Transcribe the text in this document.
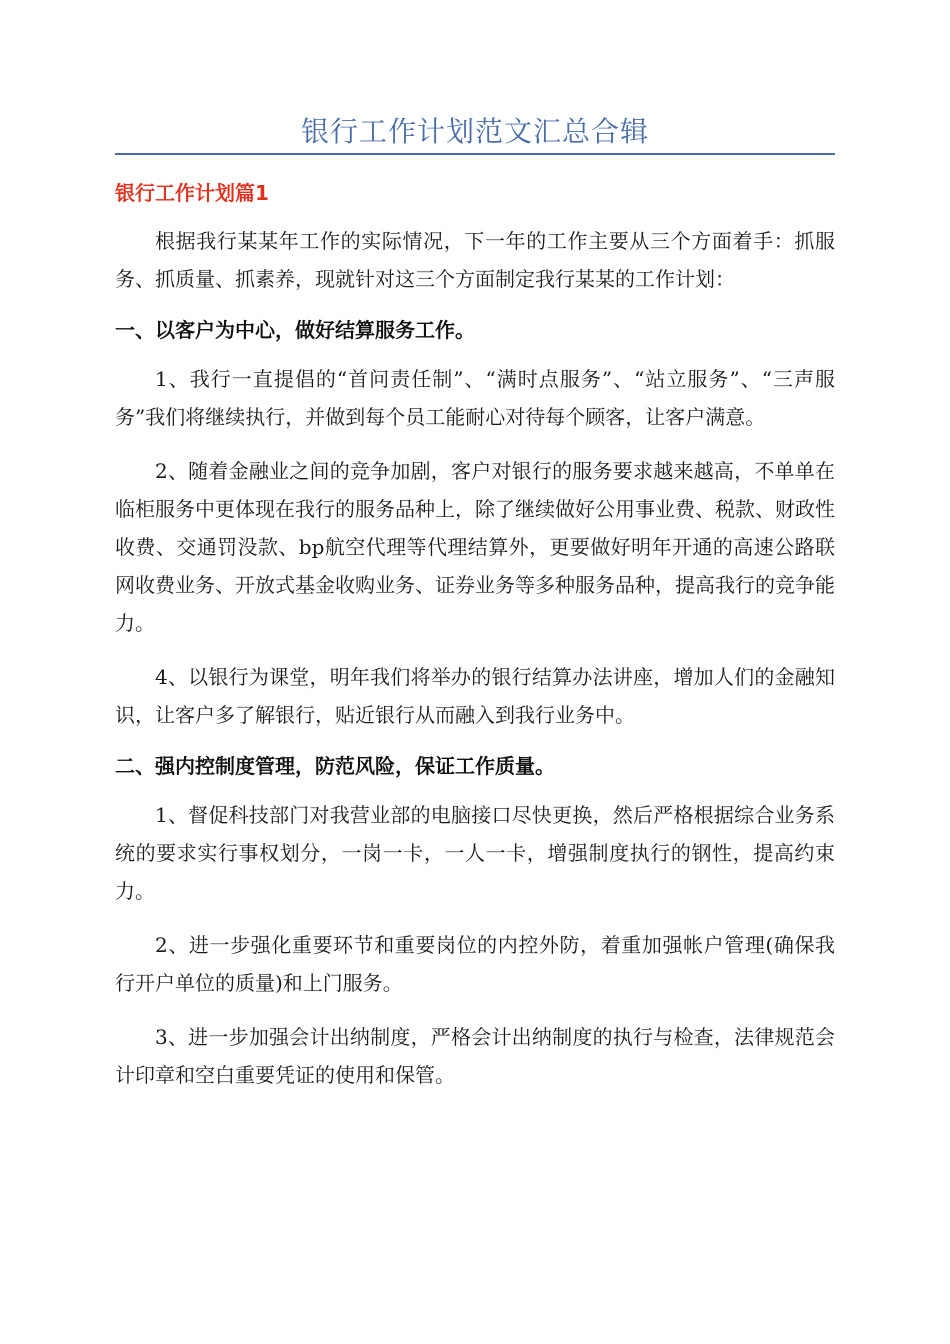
银行工作计划范文汇总合辑
银行工作计划篇1

根据我行某某年工作的实际情况，下一年的工作主要从三个方面着手：抓服务、抓质量、抓素养，现就针对这三个方面制定我行某某的工作计划：

一、以客户为中心，做好结算服务工作。

1、我行一直提倡的“首问责任制”、“满时点服务”、“站立服务”、“三声服务”我们将继续执行，并做到每个员工能耐心对待每个顾客，让客户满意。

2、随着金融业之间的竞争加剧，客户对银行的服务要求越来越高，不单单在临柜服务中更体现在我行的服务品种上，除了继续做好公用事业费、税款、财政性收费、交通罚没款、bp航空代理等代理结算外，更要做好明年开通的高速公路联网收费业务、开放式基金收购业务、证券业务等多种服务品种，提高我行的竞争能力。

4、以银行为课堂，明年我们将举办的银行结算办法讲座，增加人们的金融知识，让客户多了解银行，贴近银行从而融入到我行业务中。

二、强内控制度管理，防范风险，保证工作质量。

1、督促科技部门对我营业部的电脑接口尽快更换，然后严格根据综合业务系统的要求实行事权划分，一岗一卡，一人一卡，增强制度执行的钢性，提高约束力。

2、进一步强化重要环节和重要岗位的内控外防，着重加强帐户管理(确保我行开户单位的质量)和上门服务。

3、进一步加强会计出纳制度，严格会计出纳制度的执行与检查，法律规范会计印章和空白重要凭证的使用和保管。
